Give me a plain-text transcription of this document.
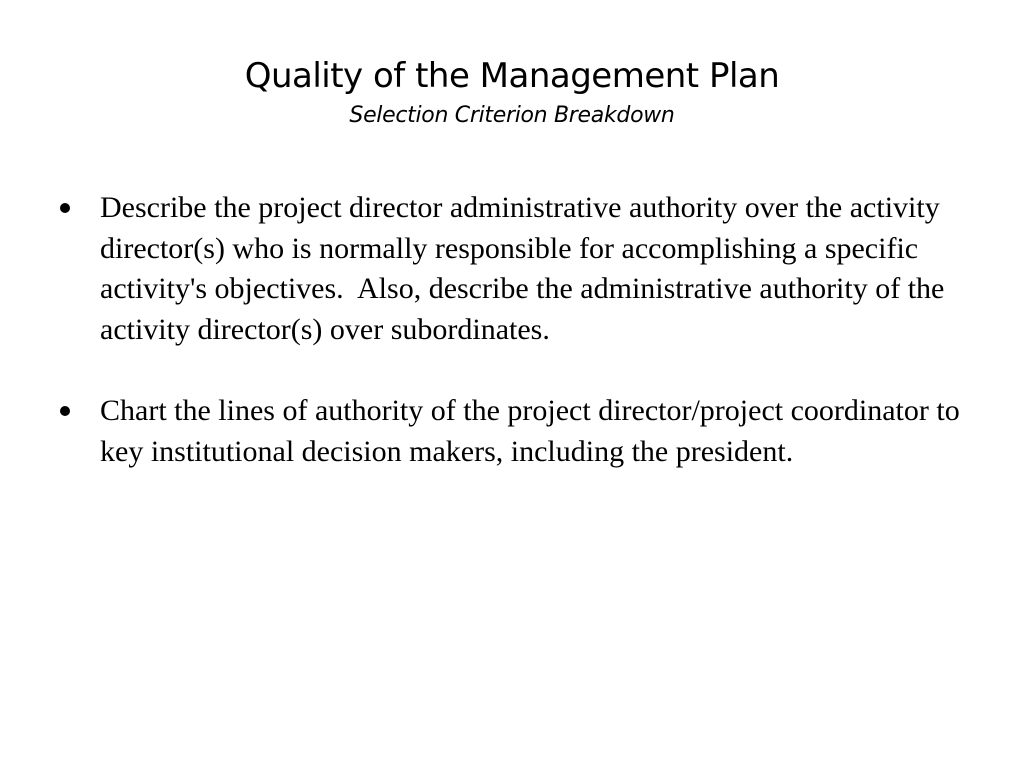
Quality of the Management Plan

Selection Criterion Breakdown

Describe the project director administrative authority over the activity director(s) who is normally responsible for accomplishing a specific activity's objectives.  Also, describe the administrative authority of the activity director(s) over subordinates.
Chart the lines of authority of the project director/project coordinator to key institutional decision makers, including the president.
